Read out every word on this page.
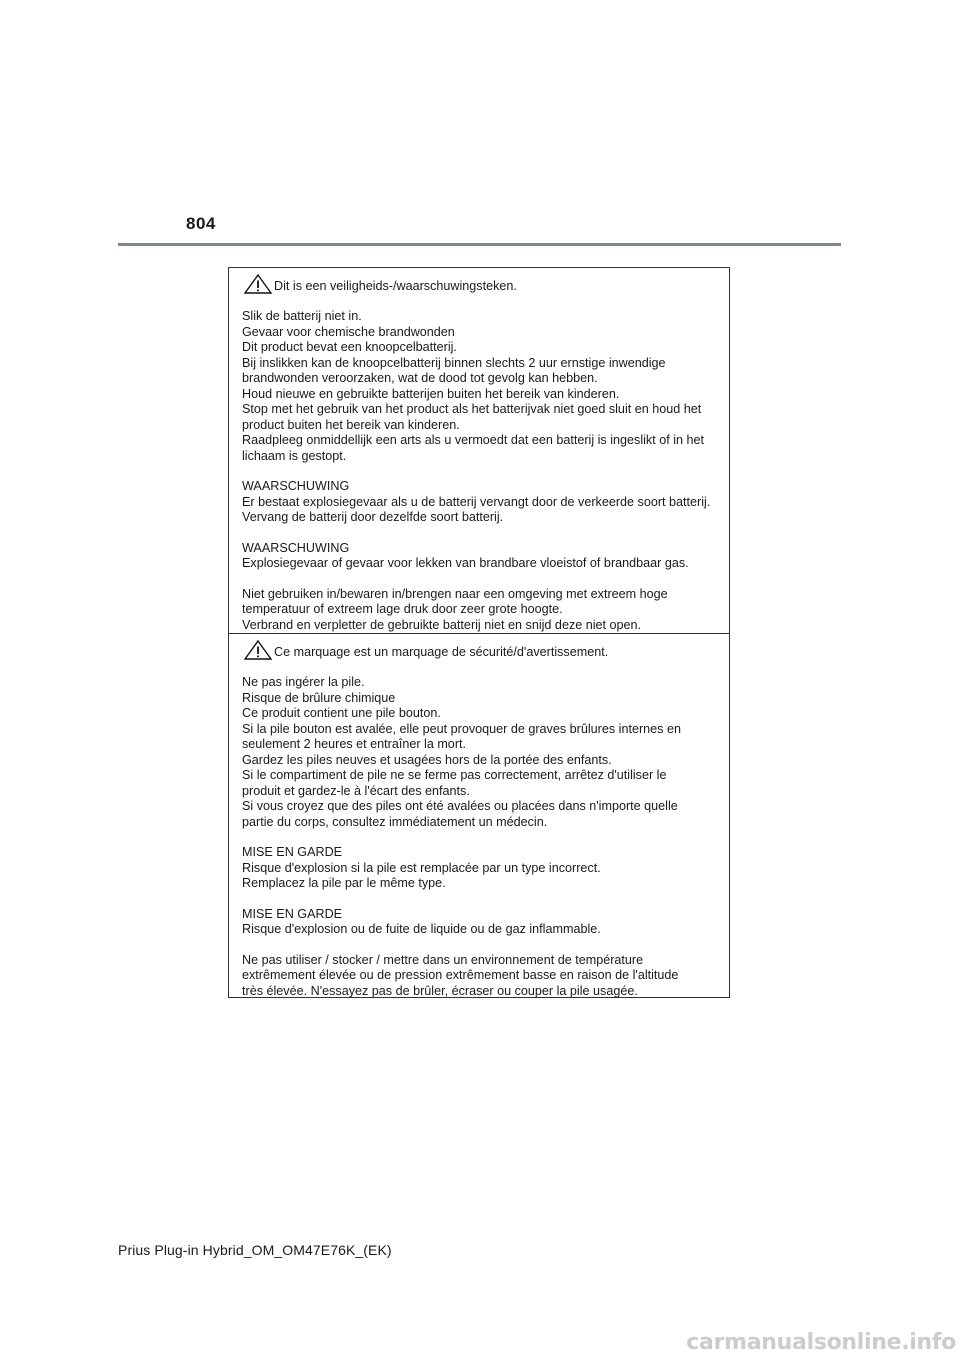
804
Dit is een veiligheids-/waarschuwingsteken.
Slik de batterij niet in.
Gevaar voor chemische brandwonden
Dit product bevat een knoopcelbatterij.
Bij inslikken kan de knoopcelbatterij binnen slechts 2 uur ernstige inwendige
brandwonden veroorzaken, wat de dood tot gevolg kan hebben.
Houd nieuwe en gebruikte batterijen buiten het bereik van kinderen.
Stop met het gebruik van het product als het batterijvak niet goed sluit en houd het
product buiten het bereik van kinderen.
Raadpleeg onmiddellijk een arts als u vermoedt dat een batterij is ingeslikt of in het
lichaam is gestopt.
WAARSCHUWING
Er bestaat explosiegevaar als u de batterij vervangt door de verkeerde soort batterij.
Vervang de batterij door dezelfde soort batterij.
WAARSCHUWING
Explosiegevaar of gevaar voor lekken van brandbare vloeistof of brandbaar gas.
Niet gebruiken in/bewaren in/brengen naar een omgeving met extreem hoge
temperatuur of extreem lage druk door zeer grote hoogte.
Verbrand en verpletter de gebruikte batterij niet en snijd deze niet open.
Ce marquage est un marquage de sécurité/d'avertissement.
Ne pas ingérer la pile.
Risque de brûlure chimique
Ce produit contient une pile bouton.
Si la pile bouton est avalée, elle peut provoquer de graves brûlures internes en
seulement 2 heures et entraîner la mort.
Gardez les piles neuves et usagées hors de la portée des enfants.
Si le compartiment de pile ne se ferme pas correctement, arrêtez d'utiliser le
produit et gardez-le à l'écart des enfants.
Si vous croyez que des piles ont été avalées ou placées dans n'importe quelle
partie du corps, consultez immédiatement un médecin.
MISE EN GARDE
Risque d'explosion si la pile est remplacée par un type incorrect.
Remplacez la pile par le même type.
MISE EN GARDE
Risque d'explosion ou de fuite de liquide ou de gaz inflammable.
Ne pas utiliser / stocker / mettre dans un environnement de température
extrêmement élevée ou de pression extrêmement basse en raison de l'altitude
très élevée. N'essayez pas de brûler, écraser ou couper la pile usagée.
Prius Plug-in Hybrid_OM_OM47E76K_(EK)
carmanualsonline.info
